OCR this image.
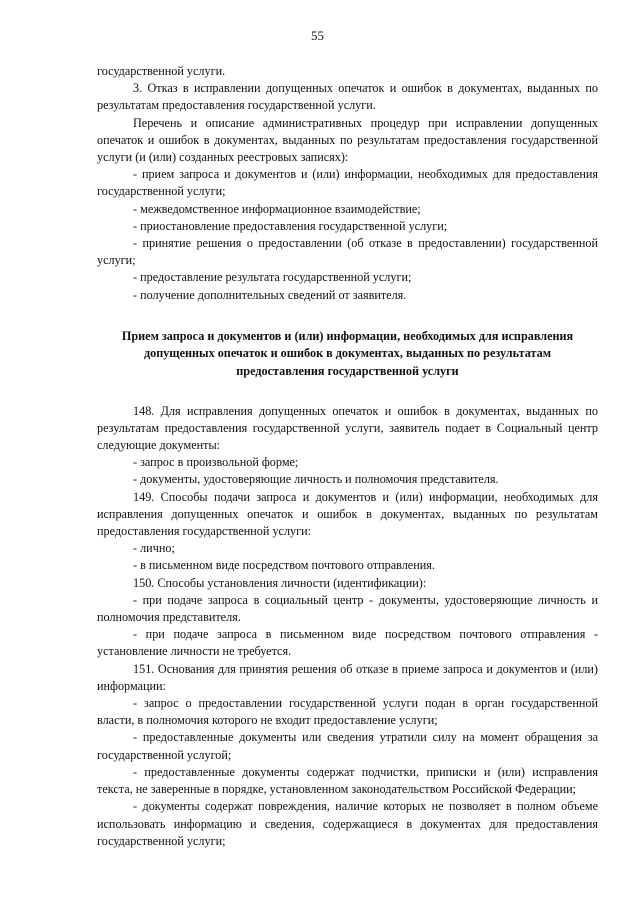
55

государственной услуги.

3. Отказ в исправлении допущенных опечаток и ошибок в документах, выданных по результатам предоставления государственной услуги.

Перечень и описание административных процедур при исправлении допущенных опечаток и ошибок в документах, выданных по результатам предоставления государственной услуги (и (или) созданных реестровых записях):

- прием запроса и документов и (или) информации, необходимых для предоставления государственной услуги;

- межведомственное информационное взаимодействие;

- приостановление предоставления государственной услуги;

- принятие решения о предоставлении (об отказе в предоставлении) государственной услуги;

- предоставление результата государственной услуги;

- получение дополнительных сведений от заявителя.

Прием запроса и документов и (или) информации, необходимых для исправления допущенных опечаток и ошибок в документах, выданных по результатам предоставления государственной услуги

148. Для исправления допущенных опечаток и ошибок в документах, выданных по результатам предоставления государственной услуги, заявитель подает в Социальный центр следующие документы:

- запрос в произвольной форме;

- документы, удостоверяющие личность и полномочия представителя.

149. Способы подачи запроса и документов и (или) информации, необходимых для исправления допущенных опечаток и ошибок в документах, выданных по результатам предоставления государственной услуги:

- лично;

- в письменном виде посредством почтового отправления.

150. Способы установления личности (идентификации):

- при подаче запроса в социальный центр - документы, удостоверяющие личность и полномочия представителя.

- при подаче запроса в письменном виде посредством почтового отправления - установление личности не требуется.

151. Основания для принятия решения об отказе в приеме запроса и документов и (или) информации:

- запрос о предоставлении государственной услуги подан в орган государственной власти, в полномочия которого не входит предоставление услуги;

- предоставленные документы или сведения утратили силу на момент обращения за государственной услугой;

- предоставленные документы содержат подчистки, приписки и (или) исправления текста, не заверенные в порядке, установленном законодательством Российской Федерации;

- документы содержат повреждения, наличие которых не позволяет в полном объеме использовать информацию и сведения, содержащиеся в документах для предоставления государственной услуги;
